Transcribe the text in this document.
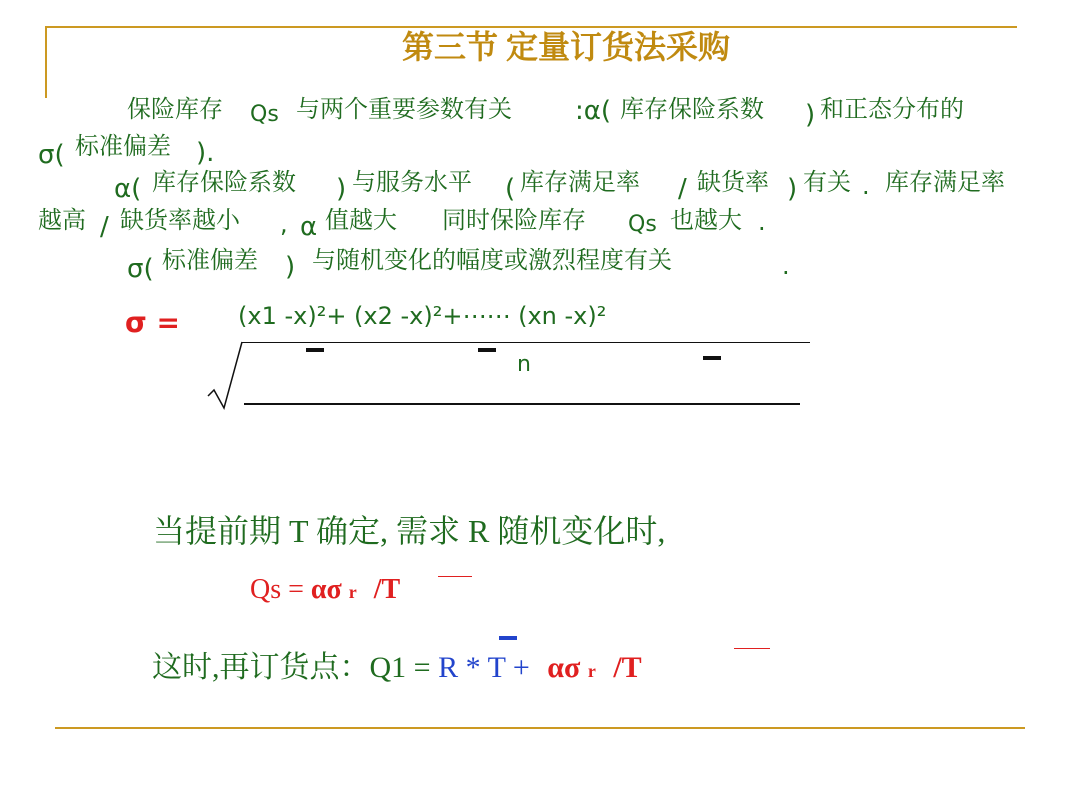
第三节 定量订货法采购
保险库存 Qs 与两个重要参数有关 :α( 库存保险系数 ) 和正态分布的
σ( 标准偏差 ).
α( 库存保险系数 ) 与服务水平 ( 库存满足率 / 缺货率 ) 有关 . 库存满足率
越高 / 缺货率越小 , α 值越大 同时保险库存 Qs 也越大 .
σ( 标准偏差 ) 与随机变化的幅度或激烈程度有关	.
σ = (x1 -x)²+ (x2 -x)²+⋯⋯ (xn -x)²
n
当提前期 T 确定, 需求 R 随机变化时,
Qs = ασ r /T
这时,再订货点：Q1 = R * T + ασ r /T
